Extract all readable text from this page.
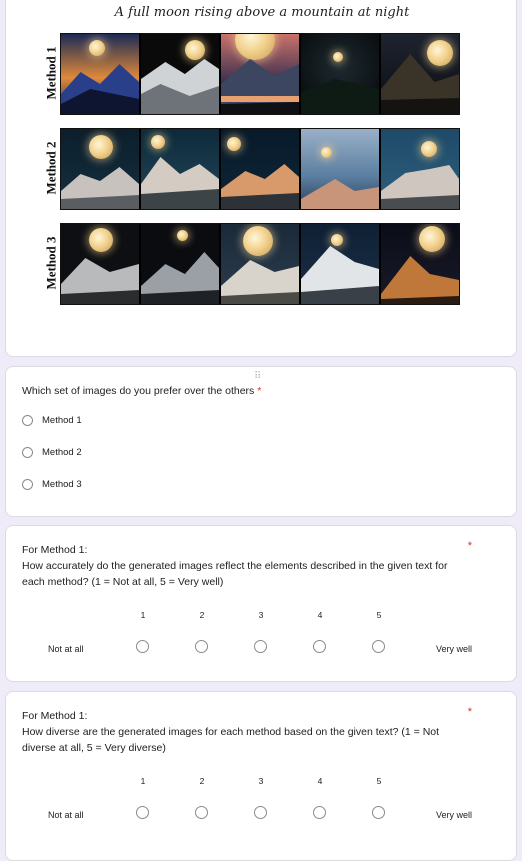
A full moon rising above a mountain at night
Method 1
Method 2
Method 3
⠿
Which set of images do you prefer over the others *
Method 1
Method 2
Method 3
*
For Method 1:
How accurately do the generated images reflect the elements described in the given text for
each method? (1 = Not at all, 5 = Very well)
1	2	3	4	5
Not at all	Very well
*
For Method 1:
How diverse are the generated images for each method based on the given text? (1 = Not
diverse at all, 5 = Very diverse)
1	2	3	4	5
Not at all	Very well
